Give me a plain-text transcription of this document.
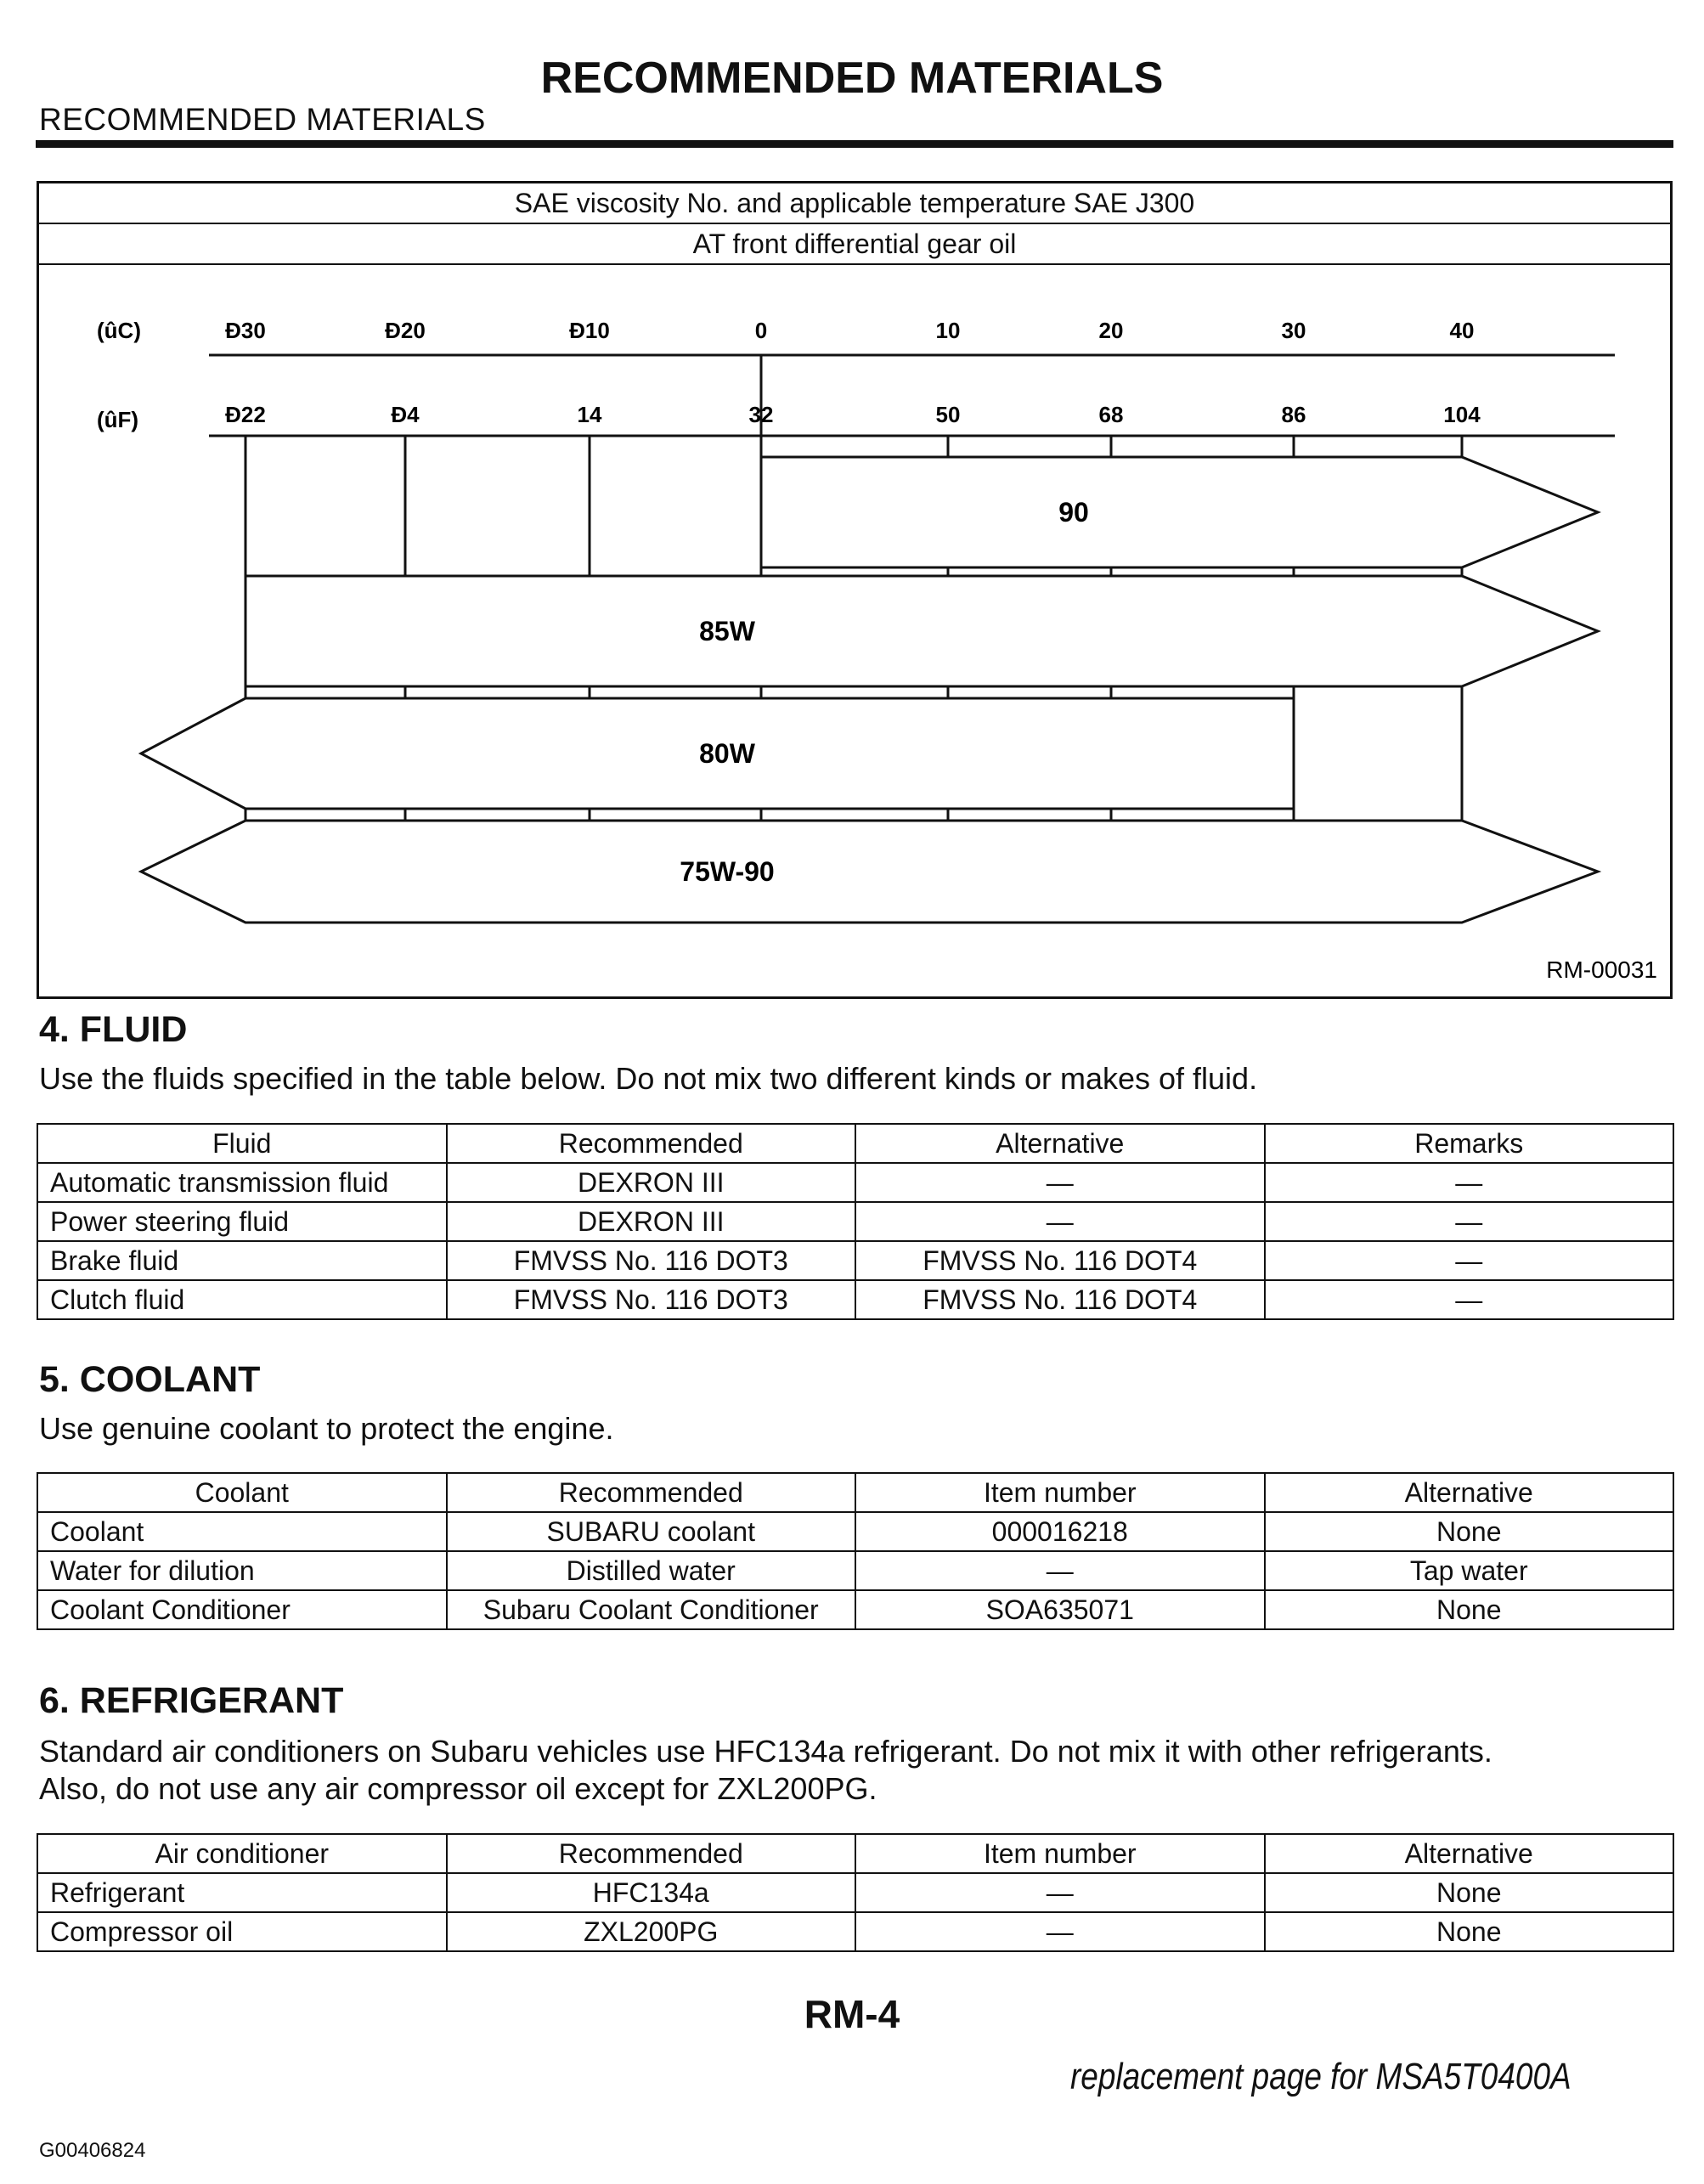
RECOMMENDED MATERIALS
RECOMMENDED MATERIALS
SAE viscosity No. and applicable temperature SAE J300
AT front differential gear oil
(ûC)
(ûF)
Ð30	Ð20	Ð10	0	10	20	30	40
Ð22	Ð4	14	32	50	68	86	104
90
85W
80W
75W-90
RM-00031
4. FLUID
Use the fluids specified in the table below. Do not mix two different kinds or makes of fluid.
Fluid	Recommended	Alternative	Remarks
Automatic transmission fluid	DEXRON III	—	—
Power steering fluid	DEXRON III	—	—
Brake fluid	FMVSS No. 116 DOT3	FMVSS No. 116 DOT4	—
Clutch fluid	FMVSS No. 116 DOT3	FMVSS No. 116 DOT4	—
5. COOLANT
Use genuine coolant to protect the engine.
Coolant	Recommended	Item number	Alternative
Coolant	SUBARU coolant	000016218	None
Water for dilution	Distilled water	—	Tap water
Coolant Conditioner	Subaru Coolant Conditioner	SOA635071	None
6. REFRIGERANT
Standard air conditioners on Subaru vehicles use HFC134a refrigerant. Do not mix it with other refrigerants.
Also, do not use any air compressor oil except for ZXL200PG.
Air conditioner	Recommended	Item number	Alternative
Refrigerant	HFC134a	—	None
Compressor oil	ZXL200PG	—	None
RM-4
replacement page for MSA5T0400A
G00406824
